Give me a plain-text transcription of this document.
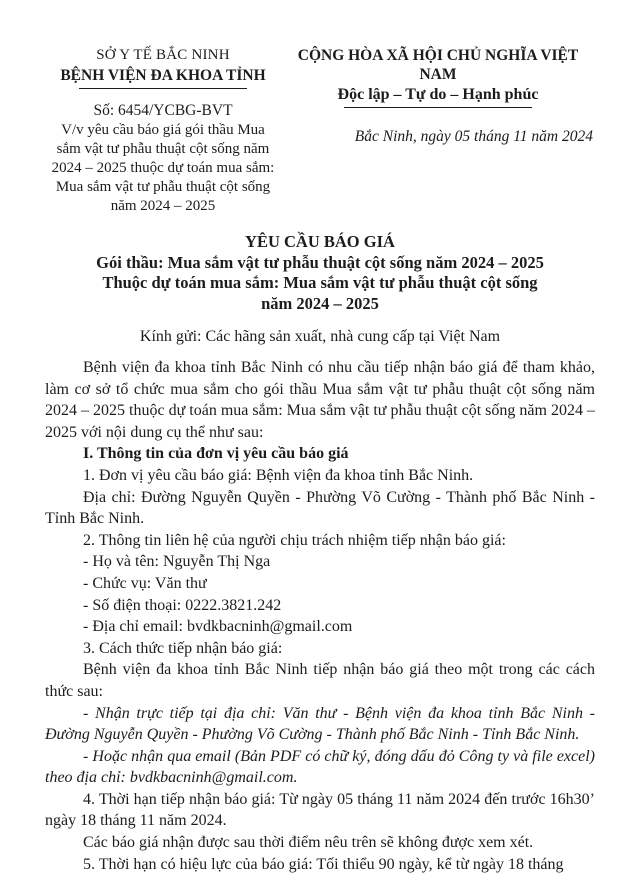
SỞ Y TẾ BẮC NINH
BỆNH VIỆN ĐA KHOA TỈNH
Số: 6454/YCBG-BVT
V/v yêu cầu báo giá gói thầu Mua sắm vật tư phẫu thuật cột sống năm 2024 – 2025 thuộc dự toán mua sắm: Mua sắm vật tư phẫu thuật cột sống năm 2024 – 2025
CỘNG HÒA XÃ HỘI CHỦ NGHĨA VIỆT NAM
Độc lập – Tự do – Hạnh phúc
Bắc Ninh, ngày 05 tháng 11 năm 2024
YÊU CẦU BÁO GIÁ
Gói thầu: Mua sắm vật tư phẫu thuật cột sống năm 2024 – 2025
Thuộc dự toán mua sắm: Mua sắm vật tư phẫu thuật cột sống
năm 2024 – 2025
Kính gửi: Các hãng sản xuất, nhà cung cấp tại Việt Nam

Bệnh viện đa khoa tỉnh Bắc Ninh có nhu cầu tiếp nhận báo giá để tham khảo, làm cơ sở tổ chức mua sắm cho gói thầu Mua sắm vật tư phẫu thuật cột sống năm 2024 – 2025 thuộc dự toán mua sắm: Mua sắm vật tư phẫu thuật cột sống năm 2024 – 2025 với nội dung cụ thể như sau:

I. Thông tin của đơn vị yêu cầu báo giá

1. Đơn vị yêu cầu báo giá: Bệnh viện đa khoa tỉnh Bắc Ninh.

Địa chỉ: Đường Nguyễn Quyền - Phường Võ Cường - Thành phố Bắc Ninh - Tỉnh Bắc Ninh.

2. Thông tin liên hệ của người chịu trách nhiệm tiếp nhận báo giá:

- Họ và tên: Nguyễn Thị Nga

- Chức vụ: Văn thư

- Số điện thoại: 0222.3821.242

- Địa chỉ email: bvdkbacninh@gmail.com

3. Cách thức tiếp nhận báo giá:

Bệnh viện đa khoa tỉnh Bắc Ninh tiếp nhận báo giá theo một trong các cách thức sau:

- Nhận trực tiếp tại địa chỉ: Văn thư - Bệnh viện đa khoa tỉnh Bắc Ninh - Đường Nguyễn Quyền - Phường Võ Cường - Thành phố Bắc Ninh - Tỉnh Bắc Ninh.

- Hoặc nhận qua email (Bản PDF có chữ ký, đóng dấu đỏ Công ty và file excel) theo địa chỉ: bvdkbacninh@gmail.com.

4. Thời hạn tiếp nhận báo giá: Từ ngày 05 tháng 11 năm 2024 đến trước 16h30’ ngày 18 tháng 11 năm 2024.

Các báo giá nhận được sau thời điểm nêu trên sẽ không được xem xét.

5. Thời hạn có hiệu lực của báo giá: Tối thiểu 90 ngày, kể từ ngày 18 tháng
